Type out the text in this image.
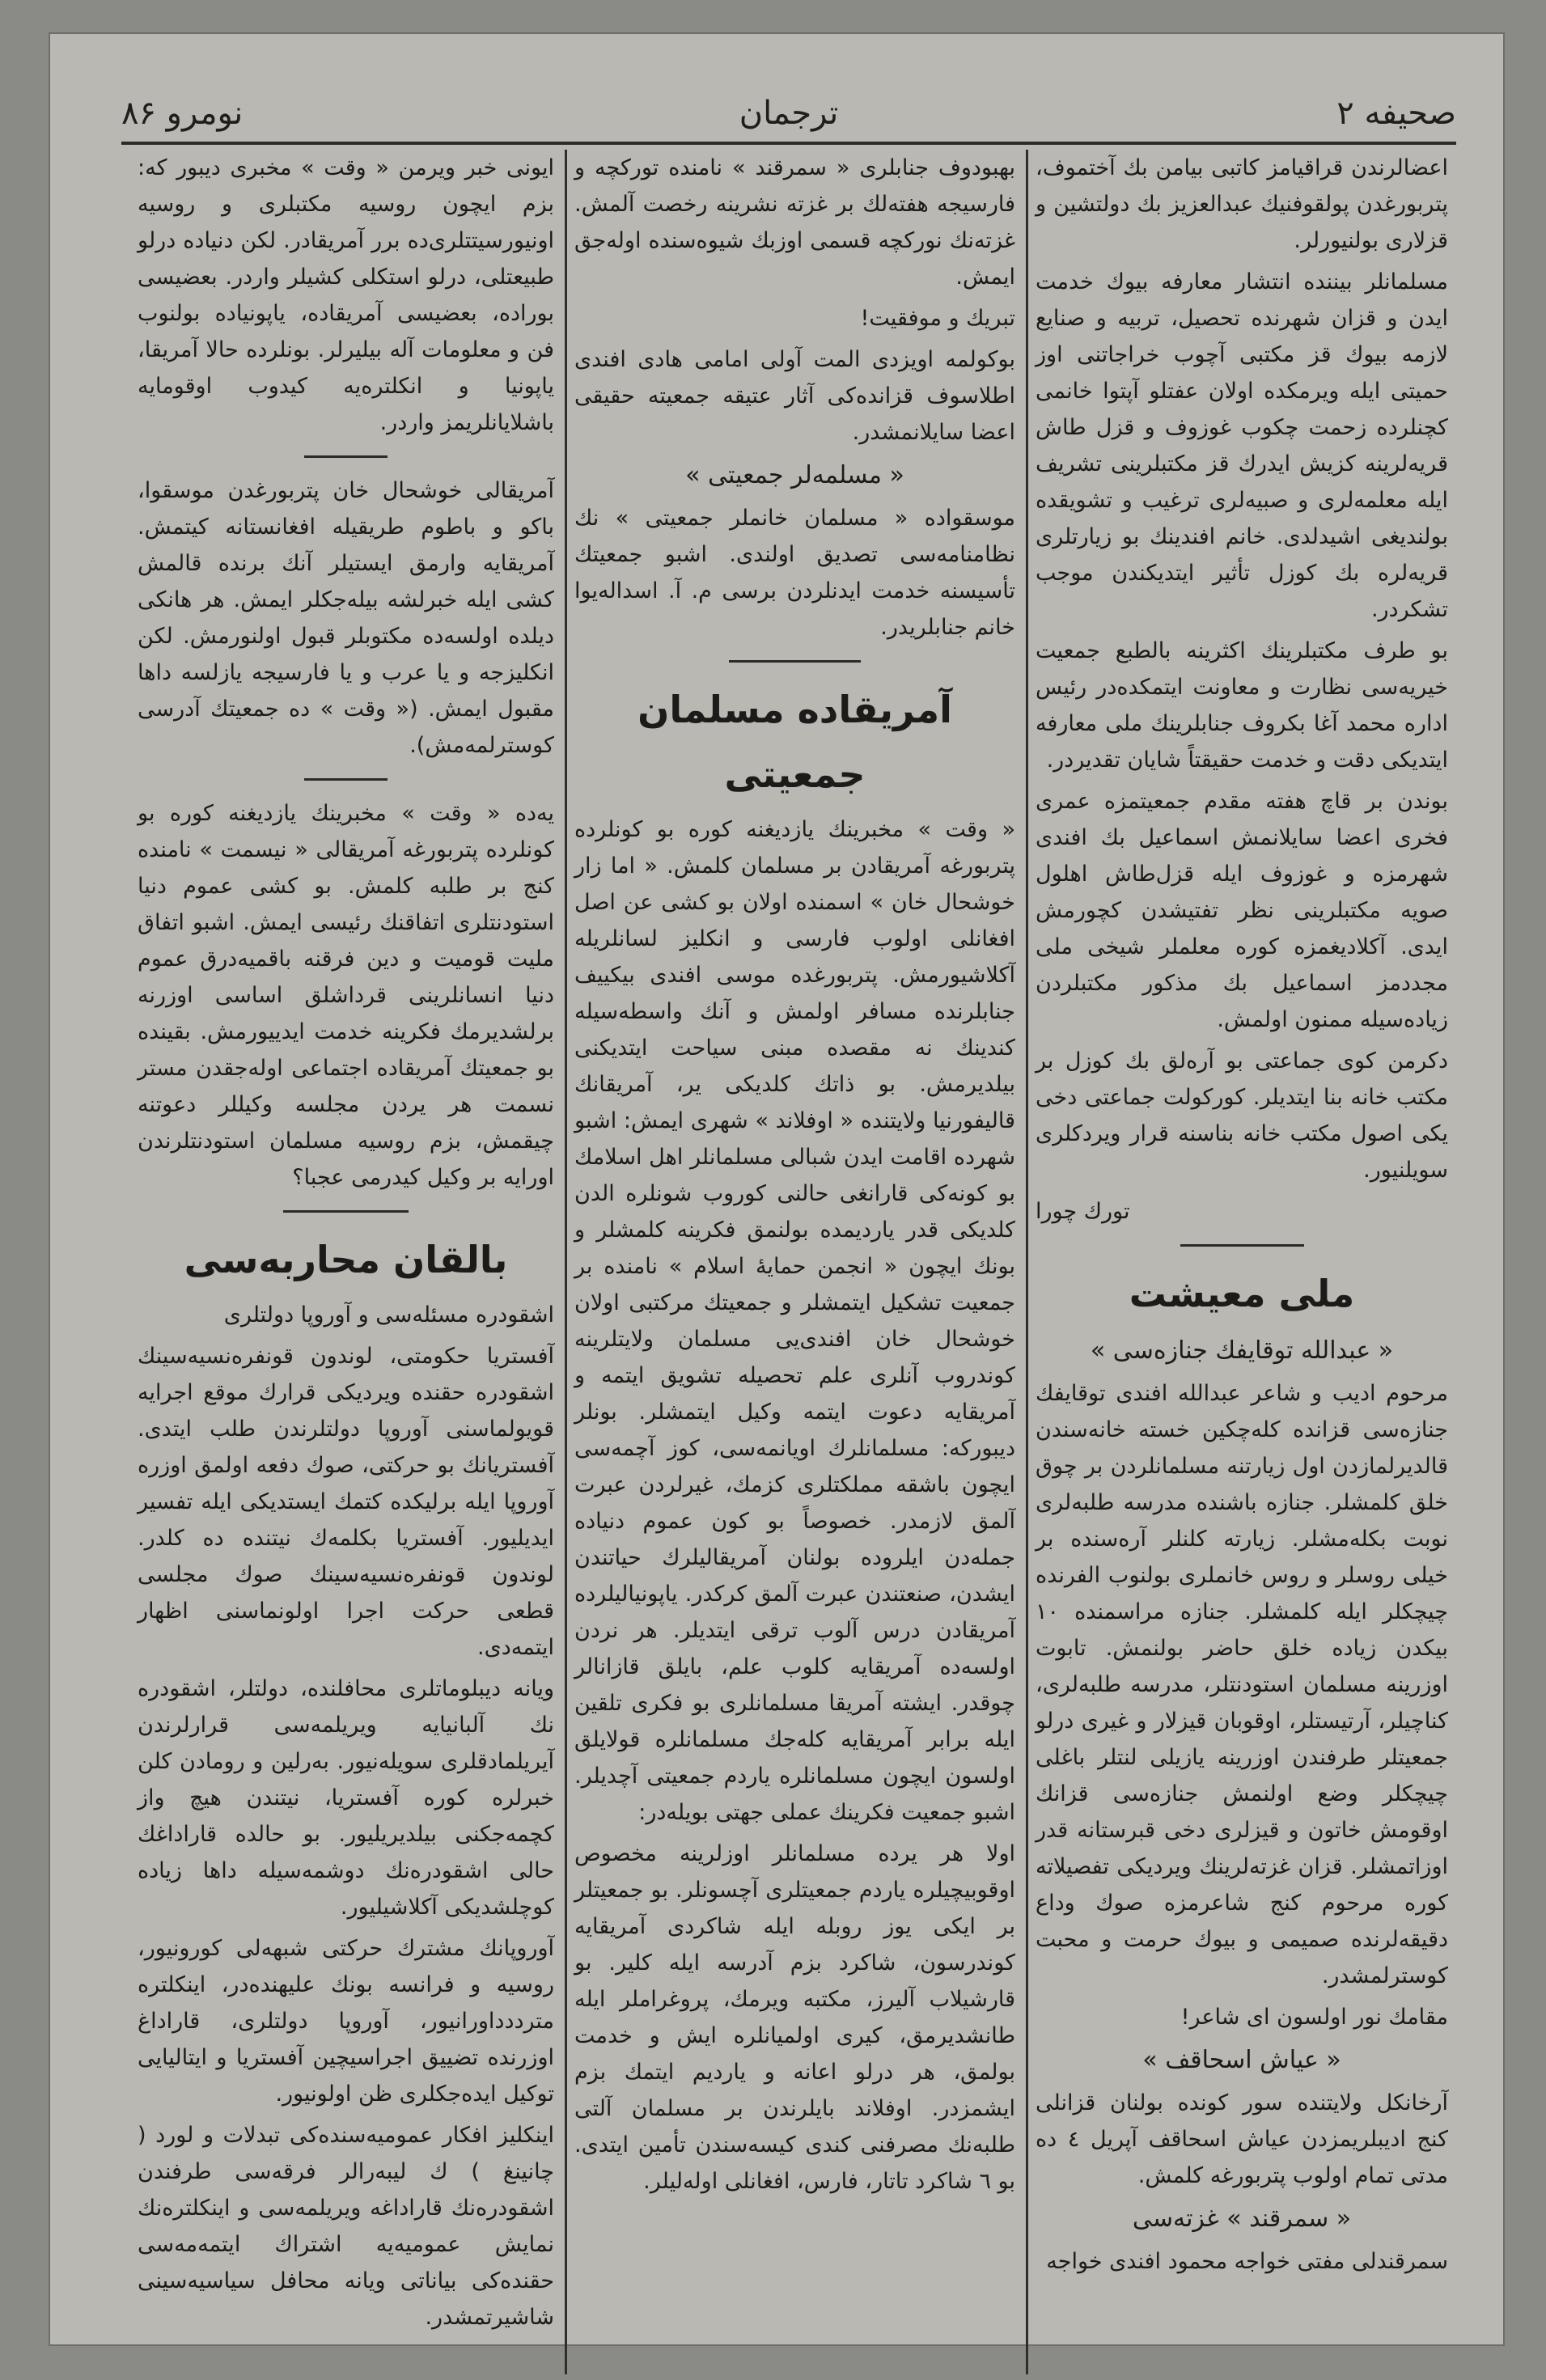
صحیفه ۲
ترجمان
نومرو ۸۶

اعضالرندن قراقیامز کاتبی بیامن بك آختموف، پتربورغدن پولقوفنیك عبدالعزیز بك دولتشین و قزلاری بولنیورلر.

مسلمانلر بیننده انتشار معارفه بیوك خدمت ایدن و قزان شهرنده تحصیل، تربیه و صنایع لازمه بیوك قز مکتبی آچوب خراجاتنی اوز حمیتی ایله ویرمکده اولان عفتلو آپتوا خانمی کچنلرده زحمت چکوب غوزوف و قزل طاش قریه‌لرینه کزیش ایدرك قز مکتبلرینی تشریف ایله معلمه‌لری و صبیه‌لری ترغیب و تشویقده بولندیغی اشیدلدی. خانم افندینك بو زیارتلری قریه‌لره بك کوزل تأثیر ایتدیکندن موجب تشکردر.

بو طرف مکتبلرینك اکثرینه بالطبع جمعیت خیریه‌سی نظارت و معاونت ایتمکده‌در رئیس اداره محمد آغا بکروف جنابلرینك ملی معارفه ایتدیکی دقت و خدمت حقیقتاً شایان تقدیردر.

بوندن بر قاچ هفته مقدم جمعیتمزه عمری فخری اعضا سایلانمش اسماعیل بك افندی شهرمزه و غوزوف ایله قزل‌طاش اهلول صویه مکتبلرینی نظر تفتیشدن کچورمش ایدی. آکلادیغمزه کوره معلملر شیخی ملی مجددمز اسماعیل بك مذکور مکتبلردن زیاده‌سیله ممنون اولمش.

دکرمن کوی جماعتی بو آره‌لق بك کوزل بر مکتب خانه بنا ایتدیلر. کورکولت جماعتی دخی یکی اصول مکتب خانه بناسنه قرار ویردکلری سویلنیور.

تورك چورا

ملی معیشت
« عبدالله توقایفك جنازه‌سی »

مرحوم ادیب و شاعر عبدالله افندی توقایفك جنازه‌سی قزانده کله‌چکین خسته خانه‌سندن قالدیرلمازدن اول زیارتنه مسلمانلردن بر چوق خلق کلمشلر. جنازه باشنده مدرسه طلبه‌لری نوبت بکله‌مشلر. زیارته کلنلر آره‌سنده بر خیلی روسلر و روس خانملری بولنوب الفرنده چیچکلر ایله کلمشلر. جنازه مراسمنده ۱۰ بیکدن زیاده خلق حاضر بولنمش. تابوت اوزرینه مسلمان استودنتلر، مدرسه طلبه‌لری، کناچیلر، آرتیستلر، اوقوبان قیزلار و غیری درلو جمعیتلر طرفندن اوزرینه یازیلی لنتلر باغلی چیچکلر وضع اولنمش جنازه‌سی قزانك اوقومش خاتون و قیزلری دخی قبرستانه قدر اوزاتمشلر. قزان غزته‌لرینك ویردیکی تفصیلاته کوره مرحوم کنج شاعرمزه صوك وداع دقیقه‌لرنده صمیمی و بیوك حرمت و محبت کوسترلمشدر.

مقامك نور اولسون ای شاعر!

« عیاش اسحاقف »

آرخانکل ولایتنده سور کونده بولنان قزانلی کنج ادیبلریمزدن عیاش اسحاقف آپریل ٤ ده مدتی تمام اولوب پتربورغه کلمش.

« سمرقند » غزته‌سی

سمرقندلی مفتی خواجه محمود افندی خواجه

بهبودوف جنابلری « سمرقند » نامنده تورکچه و فارسیجه هفته‌لك بر غزته نشرینه رخصت آلمش. غزته‌نك نورکچه قسمی اوزبك شیوه‌سنده اوله‌جق ایمش.

تبریك و موفقیت!

بوکولمه اویزدی المت آولی امامی هادی افندی اطلاسوف قزانده‌کی آثار عتیقه جمعیته حقیقی اعضا سایلانمشدر.

« مسلمه‌لر جمعیتی »

موسقواده « مسلمان خانملر جمعیتی » نك نظامنامه‌سی تصدیق اولندی. اشبو جمعیتك تأسیسنه خدمت ایدنلردن برسی م. آ. اسداله‌یوا خانم جنابلریدر.

آمریقاده مسلمان جمعیتی

« وقت » مخبرینك یازدیغنه کوره بو کونلرده پتربورغه آمریقادن بر مسلمان کلمش. « اما زار خوشحال خان » اسمنده اولان بو کشی عن اصل افغانلی اولوب فارسی و انکلیز لسانلریله آکلاشیورمش. پتربورغده موسی افندی بیکییف جنابلرنده مسافر اولمش و آنك واسطه‌سیله کندینك نه مقصده مبنی سیاحت ایتدیکنی بیلدیرمش. بو ذاتك کلدیکی یر، آمریقانك قالیفورنیا ولایتنده « اوفلاند » شهری ایمش: اشبو شهرده اقامت ایدن شبالی مسلمانلر اهل اسلامك بو کونه‌کی قارانغی حالنی کوروب شونلره الدن کلدیکی قدر یاردیمده بولنمق فکرینه کلمشلر و بونك ایچون « انجمن حمایهٔ اسلام » نامنده بر جمعیت تشکیل ایتمشلر و جمعیتك مرکتبی اولان خوشحال خان افندی‌یی مسلمان ولایتلرینه کوندروب آنلری علم تحصیله تشویق ایتمه و آمریقایه دعوت ایتمه وکیل ایتمشلر. بونلر دیبورکه: مسلمانلرك اویانمه‌سی، کوز آچمه‌سی ایچون باشقه مملکتلری کزمك، غیرلردن عبرت آلمق لازمدر. خصوصاً بو کون عموم دنیاده جمله‌دن ایلروده بولنان آمریقالیلرك حیاتندن ایشدن، صنعتندن عبرت آلمق کرکدر. یاپونیالیلرده آمریقادن درس آلوب ترقی ایتدیلر. هر نردن اولسه‌ده آمریقایه کلوب علم، بایلق قازانالر چوقدر. ایشته آمریقا مسلمانلری بو فکری تلقین ایله برابر آمریقایه کله‌جك مسلمانلره قولایلق اولسون ایچون مسلمانلره یاردم جمعیتی آچدیلر. اشبو جمعیت فکرینك عملی جهتی بویله‌در:

اولا هر یرده مسلمانلر اوزلرینه مخصوص اوقوبیچیلره یاردم جمعیتلری آچسونلر. بو جمعیتلر بر ایکی یوز روبله ایله شاکردی آمریقایه کوندرسون، شاکرد بزم آدرسه ایله کلیر. بو قارشیلاب آلیرز، مکتبه ویرمك، پروغراملر ایله طانشدیرمق، کیری اولمیانلره ایش و خدمت بولمق، هر درلو اعانه و یاردیم ایتمك بزم ایشمزدر. اوفلاند بایلرندن بر مسلمان آلتی طلبه‌نك مصرفنی کندی کیسه‌سندن تأمین ایتدی. بو ٦ شاکرد تاتار، فارس، افغانلی اوله‌لیلر.

ایونی خبر ویرمن « وقت » مخبری دیبور که: بزم ایچون روسیه مکتبلری و روسیه اونیورسیتتلری‌ده برر آمریقادر. لکن دنیاده درلو طبیعتلی، درلو استکلی کشیلر واردر. بعضیسی بوراده، بعضیسی آمریقاده، یاپونیاده بولنوب فن و معلومات آله بیلیرلر. بونلرده حالا آمریقا، یاپونیا و انکلتره‌یه کیدوب اوقومایه باشلایانلریمز واردر.

آمریقالی خوشحال خان پتربورغدن موسقوا، باکو و باطوم طریقیله افغانستانه کیتمش. آمریقایه وارمق ایستیلر آنك برنده قالمش کشی ایله خبرلشه بیله‌جکلر ایمش. هر هانکی دیلده اولسه‌ده مکتوبلر قبول اولنورمش. لکن انکلیزجه و یا عرب و یا فارسیجه یازلسه داها مقبول ایمش. (« وقت » ده جمعیتك آدرسی کوسترلمه‌مش).

یه‌ده « وقت » مخبرینك یازدیغنه کوره بو کونلرده پتربورغه آمریقالی « نیسمت » نامنده کنج بر طلبه کلمش. بو کشی عموم دنیا استودنتلری اتفاقنك رئیسی ایمش. اشبو اتفاق ملیت قومیت و دین فرقنه باقمیه‌درق عموم دنیا انسانلرینی قرداشلق اساسی اوزرنه برلشدیرمك فکرینه خدمت ایدییورمش. بقینده بو جمعیتك آمریقاده اجتماعی اوله‌جقدن مستر نسمت هر یردن مجلسه وکیللر دعوتنه چیقمش، بزم روسیه مسلمان استودنتلرندن اورایه بر وکیل کیدرمی عجبا؟

بالقان محاربه‌سی

اشقودره مسئله‌سی و آوروپا دولتلری

آفستریا حکومتی، لوندون قونفره‌نسیه‌سینك اشقودره حقنده ویردیکی قرارك موقع اجرایه قویولماسنی آوروپا دولتلرندن طلب ایتدی. آفستریانك بو حرکتی، صوك دفعه اولمق اوزره آوروپا ایله برلیکده کتمك ایستدیکی ایله تفسیر ایدیلیور. آفستریا بکلمه‌ك نیتنده ده کلدر. لوندون قونفره‌نسیه‌سینك صوك مجلسی قطعی حرکت اجرا اولونماسنی اظهار ایتمه‌دی.

ویانه دیبلوماتلری محافلنده، دولتلر، اشقودره نك آلبانیایه ویریلمه‌سی قرارلرندن آیریلمادقلری سویله‌نیور. بەرلین و رومادن کلن خبرلره کوره آفستریا، نیتندن هیچ واز کچمه‌جکنی بیلدیریلیور. بو حالده قاراداغك حالی اشقودره‌نك دوشمه‌سیله داها زیاده کوچلشدیکی آکلاشیلیور.

آوروپانك مشترك حرکتی شبهه‌لی کورونیور، روسیه و فرانسه بونك علیهنده‌در، اینکلتره مترددداورانیور، آوروپا دولتلری، قاراداغ اوزرنده تضییق اجراسیچین آفستریا و ایتالیایی توکیل ایده‌جکلری ظن اولونیور.

اینکلیز افکار عمومیه‌سنده‌کی تبدلات و لورد ( چانینغ ) ك لیبه‌رالر فرقه‌سی طرفندن اشقودره‌نك قاراداغه ویریلمه‌سی و اینکلتره‌نك نمایش عمومیه‌یه اشتراك ایتمه‌مه‌سی حقنده‌کی بیاناتی ویانه محافل سیاسیه‌سینی شاشیرتمشدر.
